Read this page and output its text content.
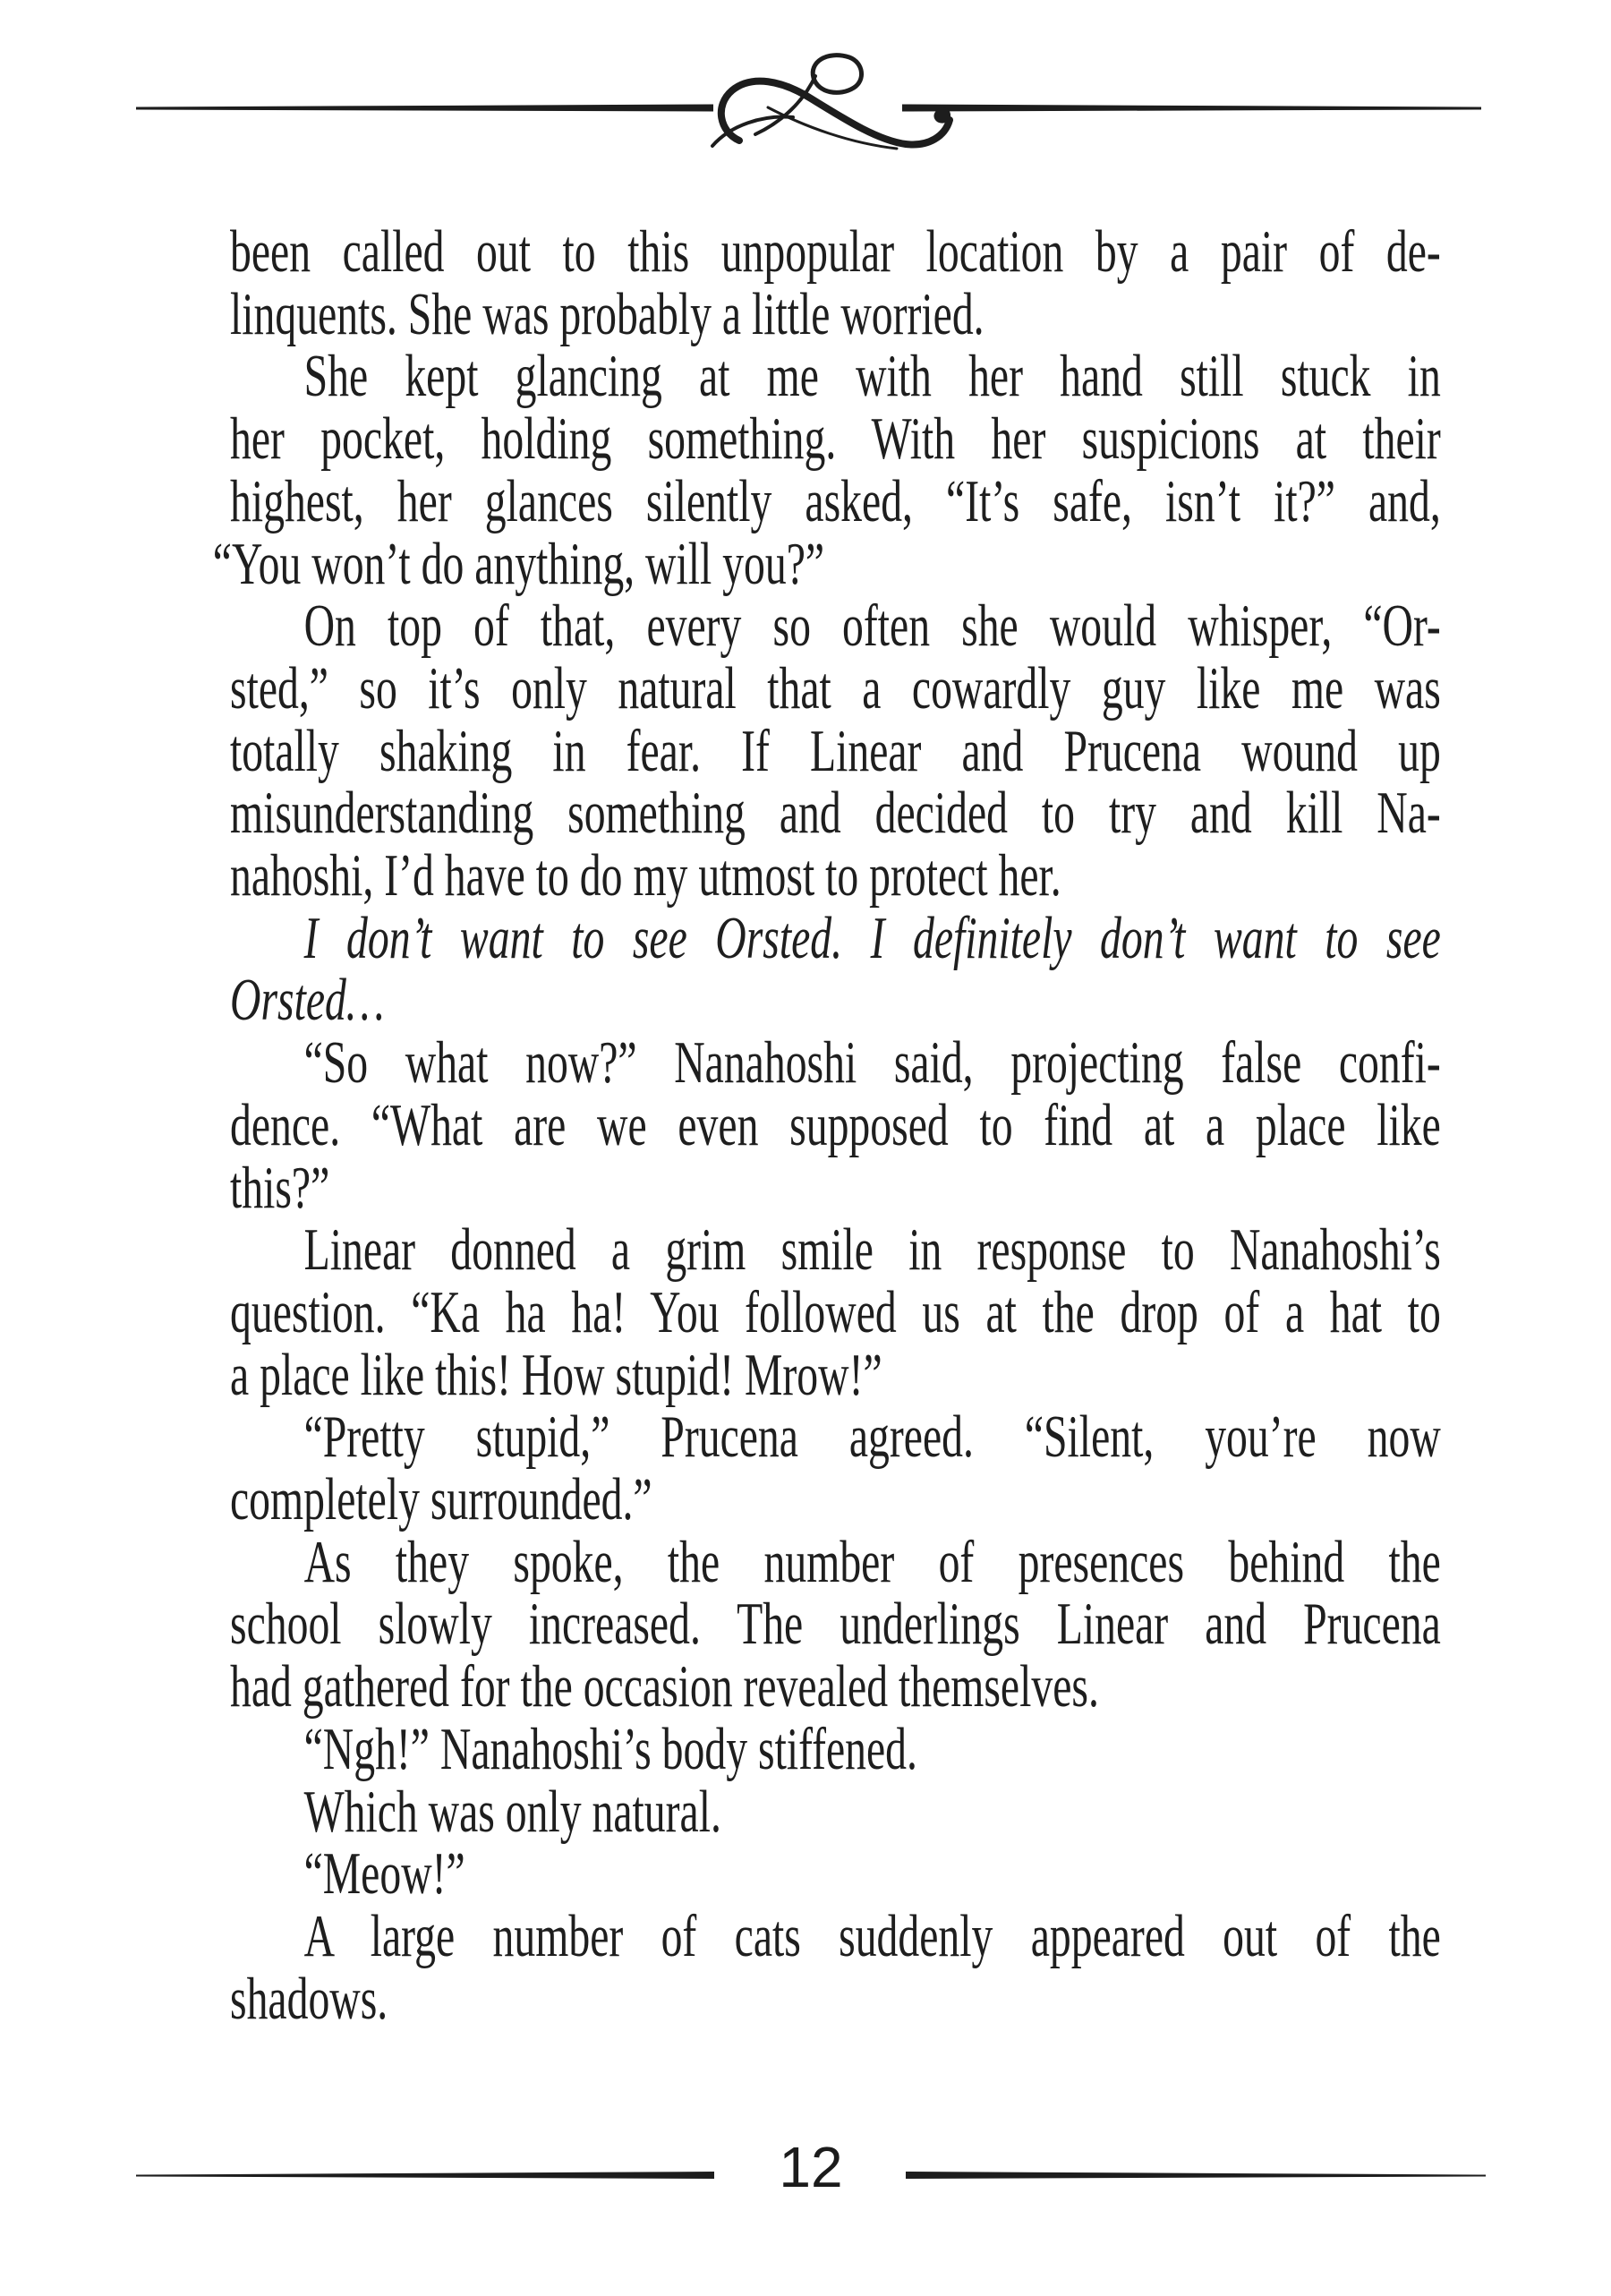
been called out to this unpopular location by a pair of de-
linquents. She was probably a little worried.
She kept glancing at me with her hand still stuck in
her pocket, holding something. With her suspicions at their
highest, her glances silently asked, “It’s safe, isn’t it?” and,
“You won’t do anything, will you?”
On top of that, every so often she would whisper, “Or-
sted,” so it’s only natural that a cowardly guy like me was
totally shaking in fear. If Linear and Prucena wound up
misunderstanding something and decided to try and kill Na-
nahoshi, I’d have to do my utmost to protect her.
I don’t want to see Orsted. I definitely don’t want to see
Orsted…
“So what now?” Nanahoshi said, projecting false confi-
dence. “What are we even supposed to find at a place like
this?”
Linear donned a grim smile in response to Nanahoshi’s
question. “Ka ha ha! You followed us at the drop of a hat to
a place like this! How stupid! Mrow!”
“Pretty stupid,” Prucena agreed. “Silent, you’re now
completely surrounded.”
As they spoke, the number of presences behind the
school slowly increased. The underlings Linear and Prucena
had gathered for the occasion revealed themselves.
“Ngh!” Nanahoshi’s body stiffened.
Which was only natural.
“Meow!”
A large number of cats suddenly appeared out of the
shadows.
12
